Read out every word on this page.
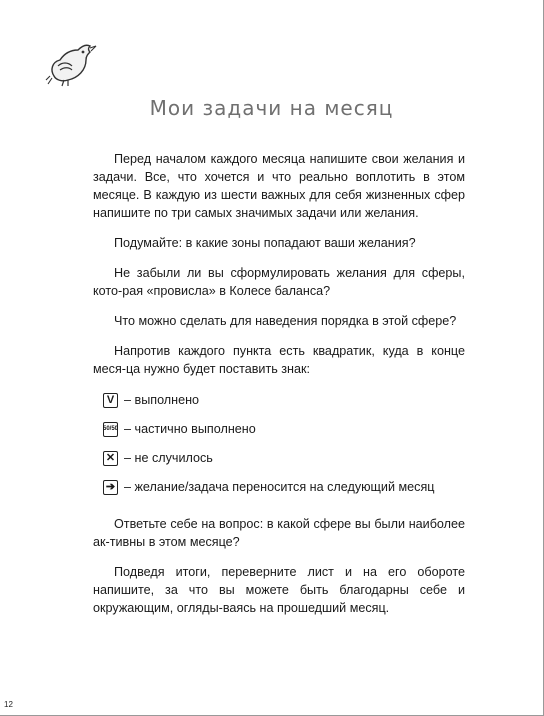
Мои задачи на месяц

Перед началом каждого месяца напишите свои желания и задачи. Все, что хочется и что реально воплотить в этом месяце. В каждую из шести важных для себя жизненных сфер напишите по три самых значимых задачи или желания.

Подумайте: в какие зоны попадают ваши желания?

Не забыли ли вы сформулировать желания для сферы, кото-рая «провисла» в Колесе баланса?

Что можно сделать для наведения порядка в этой сфере?

Напротив каждого пункта есть квадратик, куда в конце меся-ца нужно будет поставить знак:

V – выполнено
50/50 – частично выполнено
✕ – не случилось
➔ – желание/задача переносится на следующий месяц

Ответьте себе на вопрос: в какой сфере вы были наиболее ак-тивны в этом месяце?

Подведя итоги, переверните лист и на его обороте напишите, за что вы можете быть благодарны себе и окружающим, огляды-ваясь на прошедший месяц.

12
